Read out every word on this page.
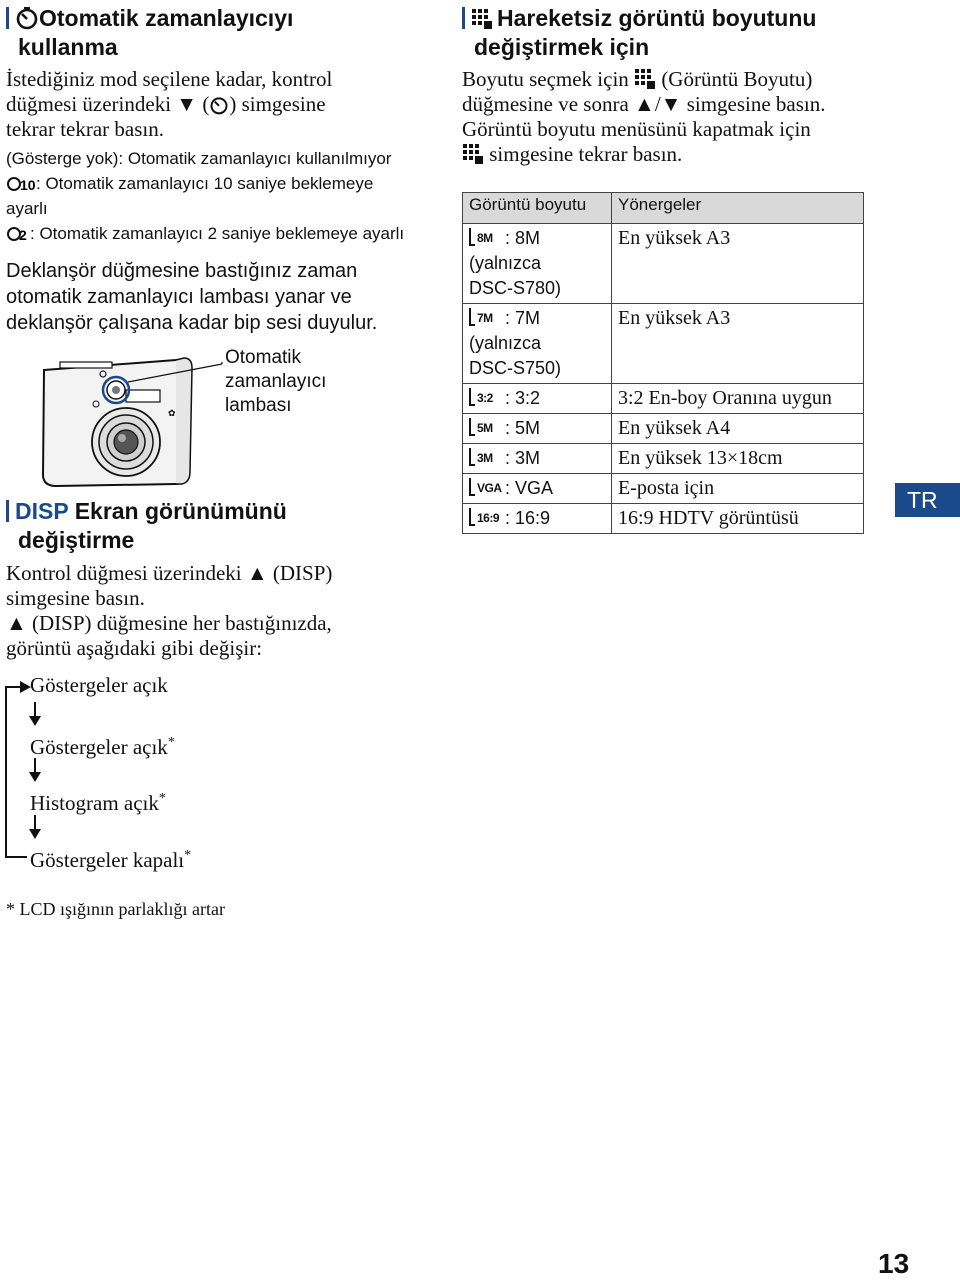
Otomatik zamanlayıcıyı
kullanma
İstediğiniz mod seçilene kadar, kontrol
düğmesi üzerindeki ▼ ( ) simgesine
tekrar tekrar basın.
(Gösterge yok): Otomatik zamanlayıcı kullanılmıyor
10 : Otomatik zamanlayıcı 10 saniye beklemeye
ayarlı
2 : Otomatik zamanlayıcı 2 saniye beklemeye ayarlı
Deklanşör düğmesine bastığınız zaman
otomatik zamanlayıcı lambası yanar ve
deklanşör çalışana kadar bip sesi duyulur.
✿
Otomatik
zamanlayıcı
lambası
DISP Ekran görünümünü
değiştirme
Kontrol düğmesi üzerindeki ▲ (DISP)
simgesine basın.
▲ (DISP) düğmesine her bastığınızda,
görüntü aşağıdaki gibi değişir:
Göstergeler açık
Göstergeler açık*
Histogram açık*
Göstergeler kapalı*
* LCD ışığının parlaklığı artar
Hareketsiz görüntü boyutunu
değiştirmek için
Boyutu seçmek için (Görüntü Boyutu)
düğmesine ve sonra ▲/▼ simgesine basın.
Görüntü boyutu menüsünü kapatmak için
simgesine tekrar basın.
Görüntü boyutu	Yönergeler

8M : 8M
(yalnızca
DSC-S780)	En yüksek A3

7M : 7M
(yalnızca
DSC-S750)	En yüksek A3

3:2 : 3:2	3:2 En-boy Oranına uygun

5M : 5M	En yüksek A4

3M : 3M	En yüksek 13×18cm

VGA : VGA	E-posta için

16:9 : 16:9	16:9 HDTV görüntüsü
TR
13
